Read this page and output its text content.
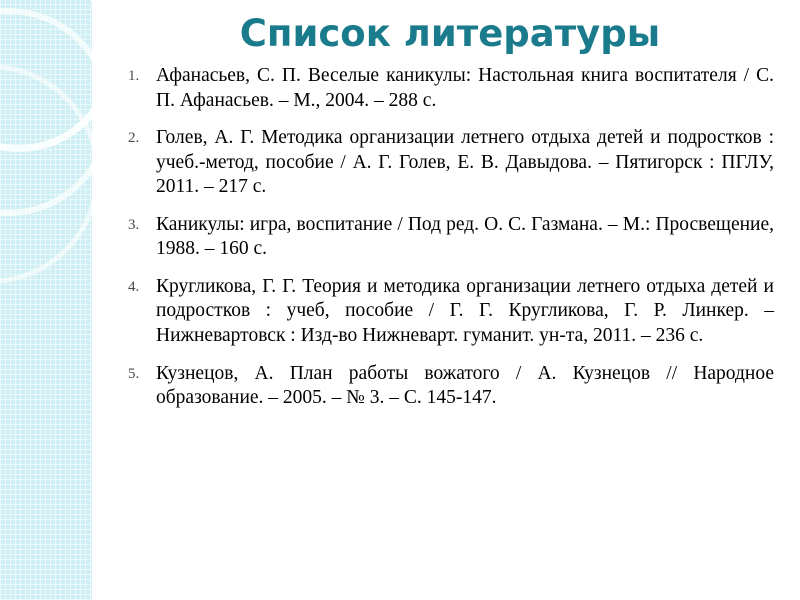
Список литературы
Афанасьев, С. П. Веселые каникулы: Настольная книга воспитателя / С. П. Афанасьев. – М., 2004. – 288 с.
Голев, А. Г. Методика организации летнего отдыха детей и подростков : учеб.-метод, пособие / А. Г. Голев, Е. В. Давыдова. – Пятигорск : ПГЛУ, 2011. – 217 с.
Каникулы: игра, воспитание / Под ред. О. С. Газмана. – М.: Просвещение, 1988. – 160 с.
Кругликова, Г. Г. Теория и методика организации летнего отдыха детей и подростков : учеб, пособие / Г. Г. Кругликова, Г. Р. Линкер. – Нижневартовск : Изд-во Нижневарт. гуманит. ун-та, 2011. – 236 с.
Кузнецов, А. План работы вожатого / А. Кузнецов // Народное образование. – 2005. – № 3. – С. 145-147.
